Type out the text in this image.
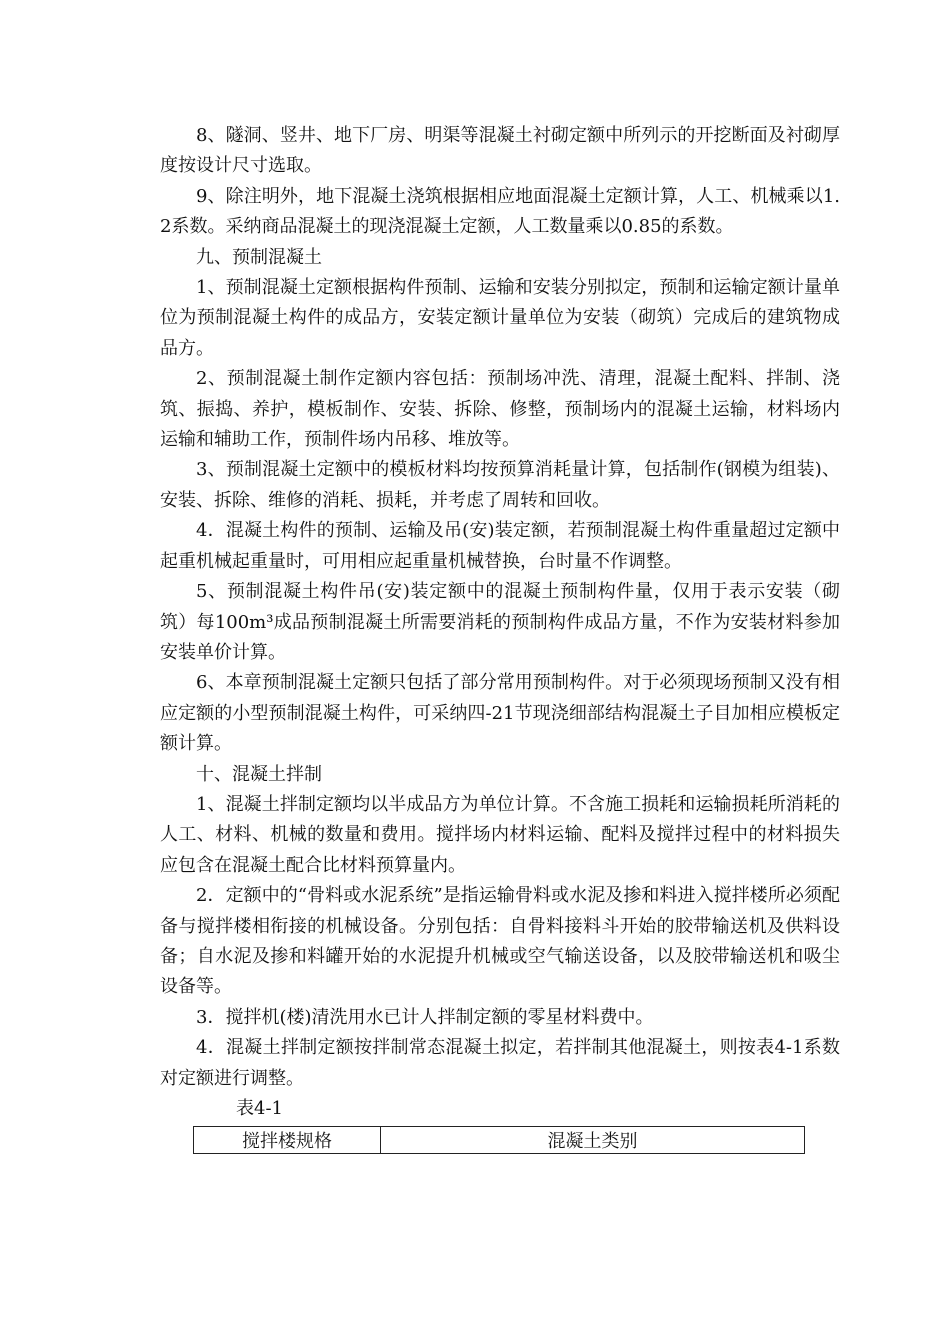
8、隧洞、竖井、地下厂房、明渠等混凝土衬砌定额中所列示的开挖断面及衬砌厚度按设计尺寸选取。

9、除注明外，地下混凝土浇筑根据相应地面混凝土定额计算，人工、机械乘以1.2系数。采纳商品混凝土的现浇混凝土定额，人工数量乘以0.85的系数。

九、预制混凝土

1、预制混凝土定额根据构件预制、运输和安装分别拟定，预制和运输定额计量单位为预制混凝土构件的成品方，安装定额计量单位为安装（砌筑）完成后的建筑物成品方。

2、预制混凝土制作定额内容包括：预制场冲洗、清理，混凝土配料、拌制、浇筑、振捣、养护，模板制作、安装、拆除、修整，预制场内的混凝土运输，材料场内运输和辅助工作，预制件场内吊移、堆放等。

3、预制混凝土定额中的模板材料均按预算消耗量计算，包括制作(钢模为组装)、安装、拆除、维修的消耗、损耗，并考虑了周转和回收。

4．混凝土构件的预制、运输及吊(安)装定额，若预制混凝土构件重量超过定额中起重机械起重量时，可用相应起重量机械替换，台时量不作调整。

5、预制混凝土构件吊(安)装定额中的混凝土预制构件量，仅用于表示安装（砌筑）每100m³成品预制混凝土所需要消耗的预制构件成品方量，不作为安装材料参加安装单价计算。

6、本章预制混凝土定额只包括了部分常用预制构件。对于必须现场预制又没有相应定额的小型预制混凝土构件，可采纳四-21节现浇细部结构混凝土子目加相应模板定额计算。

十、混凝土拌制

1、混凝土拌制定额均以半成品方为单位计算。不含施工损耗和运输损耗所消耗的人工、材料、机械的数量和费用。搅拌场内材料运输、配料及搅拌过程中的材料损失应包含在混凝土配合比材料预算量内。

2．定额中的“骨料或水泥系统”是指运输骨料或水泥及掺和料进入搅拌楼所必须配备与搅拌楼相衔接的机械设备。分别包括：自骨料接料斗开始的胶带输送机及供料设备；自水泥及掺和料罐开始的水泥提升机械或空气输送设备，以及胶带输送机和吸尘设备等。

3．搅拌机(楼)清洗用水已计人拌制定额的零星材料费中。

4．混凝土拌制定额按拌制常态混凝土拟定，若拌制其他混凝土，则按表4-1系数对定额进行调整。

表4-1

搅拌楼规格	混凝土类别
